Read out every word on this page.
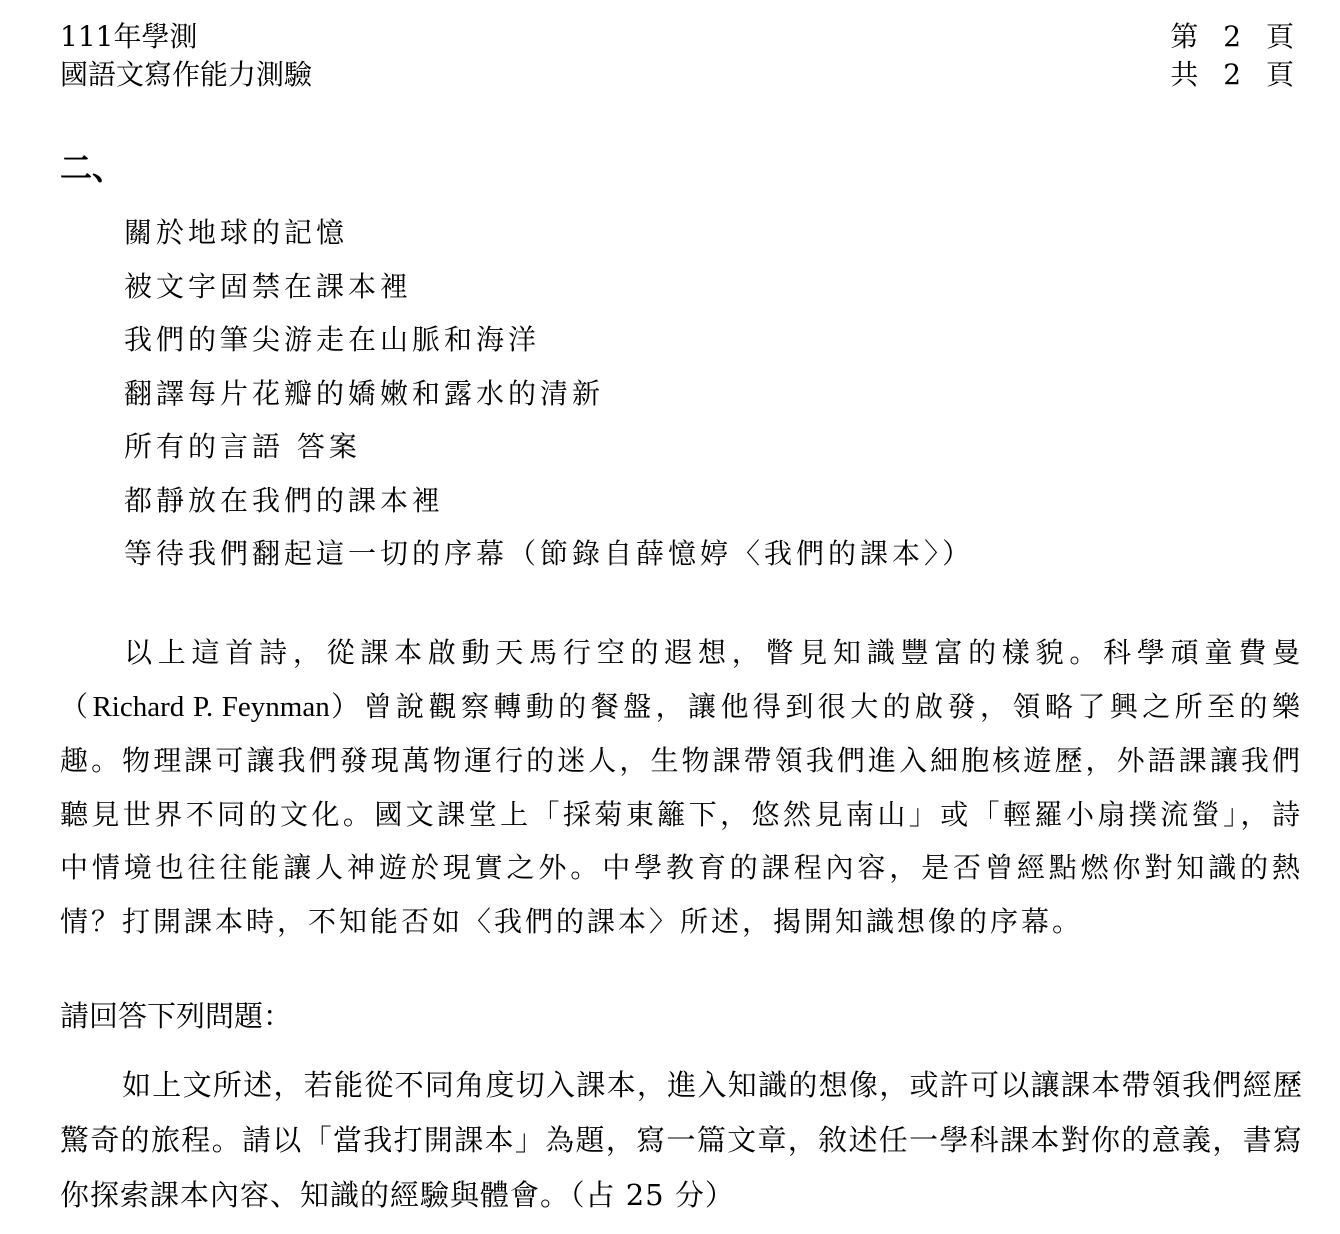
111年學測
國語文寫作能力測驗
第 2 頁
共 2 頁
二、
關於地球的記憶
被文字固禁在課本裡
我們的筆尖游走在山脈和海洋
翻譯每片花瓣的嬌嫩和露水的清新
所有的言語 答案
都靜放在我們的課本裡
等待我們翻起這一切的序幕（節錄自薛憶婷〈我們的課本〉）
以上這首詩，從課本啟動天馬行空的遐想，瞥見知識豐富的樣貌。科學頑童費曼（Richard P. Feynman）曾說觀察轉動的餐盤，讓他得到很大的啟發，領略了興之所至的樂趣。物理課可讓我們發現萬物運行的迷人，生物課帶領我們進入細胞核遊歷，外語課讓我們聽見世界不同的文化。國文課堂上「採菊東籬下，悠然見南山」或「輕羅小扇撲流螢」，詩中情境也往往能讓人神遊於現實之外。中學教育的課程內容，是否曾經點燃你對知識的熱情？打開課本時，不知能否如〈我們的課本〉所述，揭開知識想像的序幕。
請回答下列問題：
如上文所述，若能從不同角度切入課本，進入知識的想像，或許可以讓課本帶領我們經歷驚奇的旅程。請以「當我打開課本」為題，寫一篇文章，敘述任一學科課本對你的意義，書寫你探索課本內容、知識的經驗與體會。（占 25 分）
